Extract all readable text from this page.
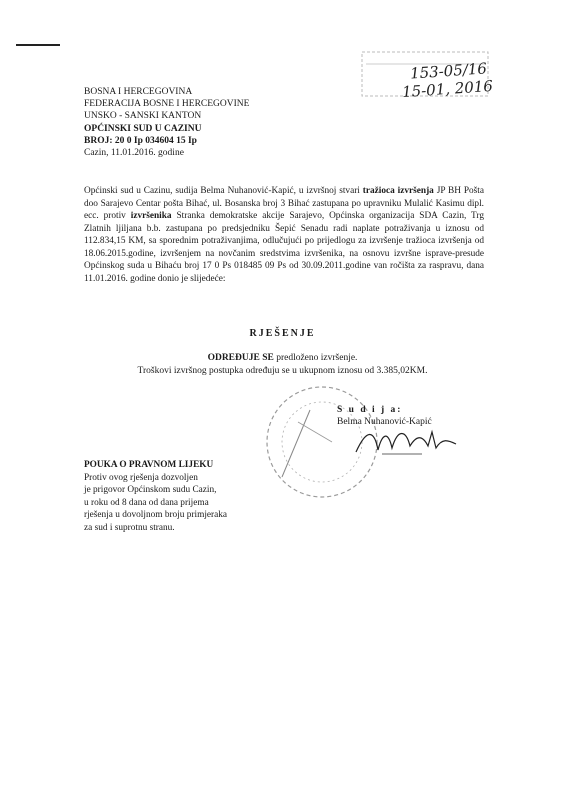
153-05/16
15-01, 2016
BOSNA I HERCEGOVINA
FEDERACIJA BOSNE I HERCEGOVINE
UNSKO - SANSKI KANTON
OPĆINSKI SUD U CAZINU
BROJ: 20 0 Ip 034604 15 Ip
Cazin, 11.01.2016. godine
Općinski sud u Cazinu, sudija Belma Nuhanović-Kapić, u izvršnoj stvari tražioca izvršenja JP BH Pošta doo Sarajevo Centar pošta Bihać, ul. Bosanska broj 3 Bihać zastupana po upravniku Mulalić Kasimu dipl. ecc. protiv izvršenika Stranka demokratske akcije Sarajevo, Općinska organizacija SDA Cazin, Trg Zlatnih ljiljana b.b. zastupana po predsjedniku Šepić Senadu radi naplate potraživanja u iznosu od 112.834,15 KM, sa sporednim potraživanjima, odlučujući po prijedlogu za izvršenje tražioca izvršenja od 18.06.2015.godine, izvršenjem na novčanim sredstvima izvršenika, na osnovu izvršne isprave-presude Općinskog suda u Bihaću broj 17 0 Ps 018485 09 Ps od 30.09.2011.godine van ročišta za raspravu, dana 11.01.2016. godine donio je slijedeće:
RJEŠENJE
ODREĐUJE SE predloženo izvršenje.
Troškovi izvršnog postupka određuju se u ukupnom iznosu od 3.385,02KM.
S u d i j a:
Belma Nuhanović-Kapić
POUKA O PRAVNOM LIJEKU
Protiv ovog rješenja dozvoljen
je prigovor Općinskom sudu Cazin,
u roku od 8 dana od dana prijema
rješenja u dovoljnom broju primjeraka
za sud i suprotnu stranu.
